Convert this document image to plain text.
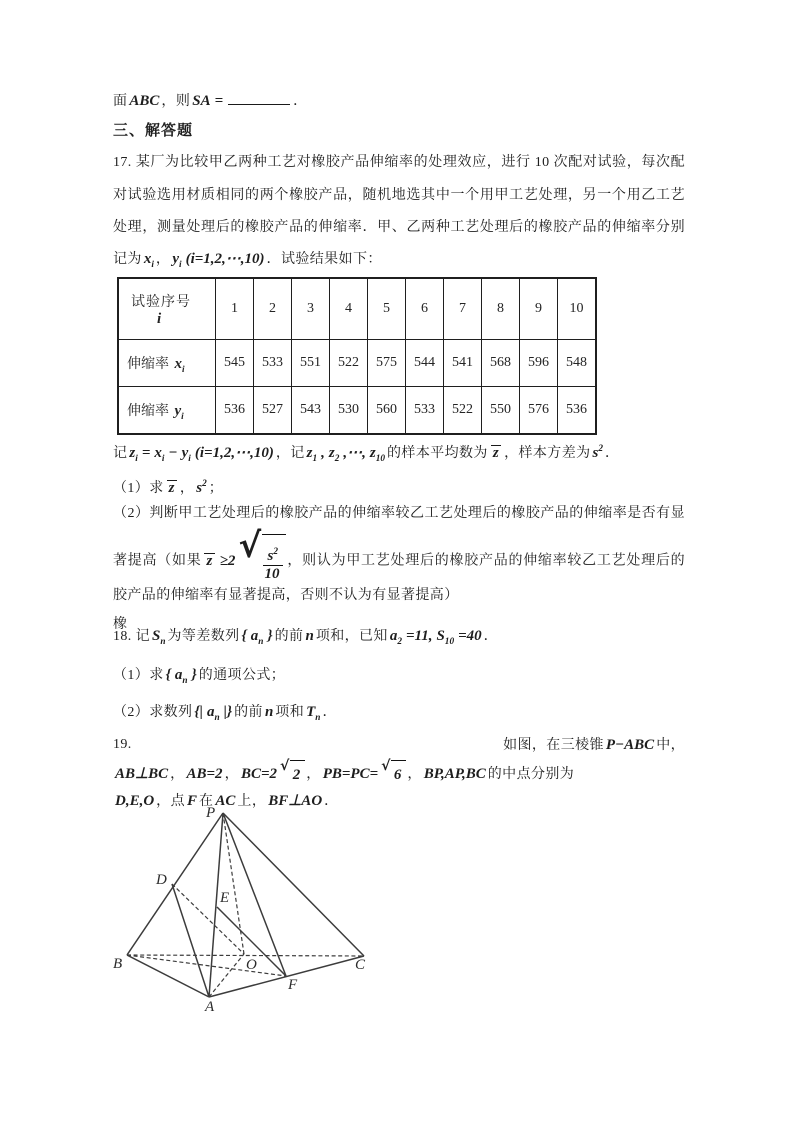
面 ABC ，则 SA =	．
三、解答题
17. 某厂为比较甲乙两种工艺对橡胶产品伸缩率的处理效应，进行 10 次配对试验，每次配
对试验选用材质相同的两个橡胶产品，随机地选其中一个用甲工艺处理，另一个用乙工艺
处理，测量处理后的橡胶产品的伸缩率．甲、乙两种工艺处理后的橡胶产品的伸缩率分别
记为 $x_i$ ， $y_i$ (i=1,2,⋯,10) ．试验结果如下：
试验序号
i	1	2	3	4	5	6	7	8	9	10
伸缩率 $x_i$	545	533	551	522	575	544	541	568	596	548
伸缩率 $y_i$	536	527	543	530	560	533	522	550	576	536
记 $z_i = x_i - y_i$ (i=1,2,⋯,10) ，记 $z_1$ , $z_2$ ,⋯, $z_{10}$ 的样本平均数为 z ，样本方差为 $s^2$ ．
（1）求 z ， $s^2$ ；
（2）判断甲工艺处理后的橡胶产品的伸缩率较乙工艺处理后的橡胶产品的伸缩率是否有显
著提高（如果 z ≥2 √ $\frac{s^2}{10}$ ，则认为甲工艺处理后的橡胶产品的伸缩率较乙工艺处理后的橡
胶产品的伸缩率有显著提高，否则不认为有显著提高）
18. 记 $S_n$ 为等差数列 { $a_n$ } 的前 n 项和，已知 $a_2 =11$, $S_{10} =40$ ．
（1）求 { $a_n$ } 的通项公式；
（2）求数列 {| $a_n$ |} 的前 n 项和 $T_n$ ．
19.	如图，在三棱锥 P−ABC 中，
AB⊥BC ， AB=2 ， BC=2
√
2 ， PB=PC=
√
6 ， BP,AP,BC 的中点分别为
D,E,O ，点 F 在 AC 上， BF⊥AO ．
P
D
E
B	O	C
F
A
